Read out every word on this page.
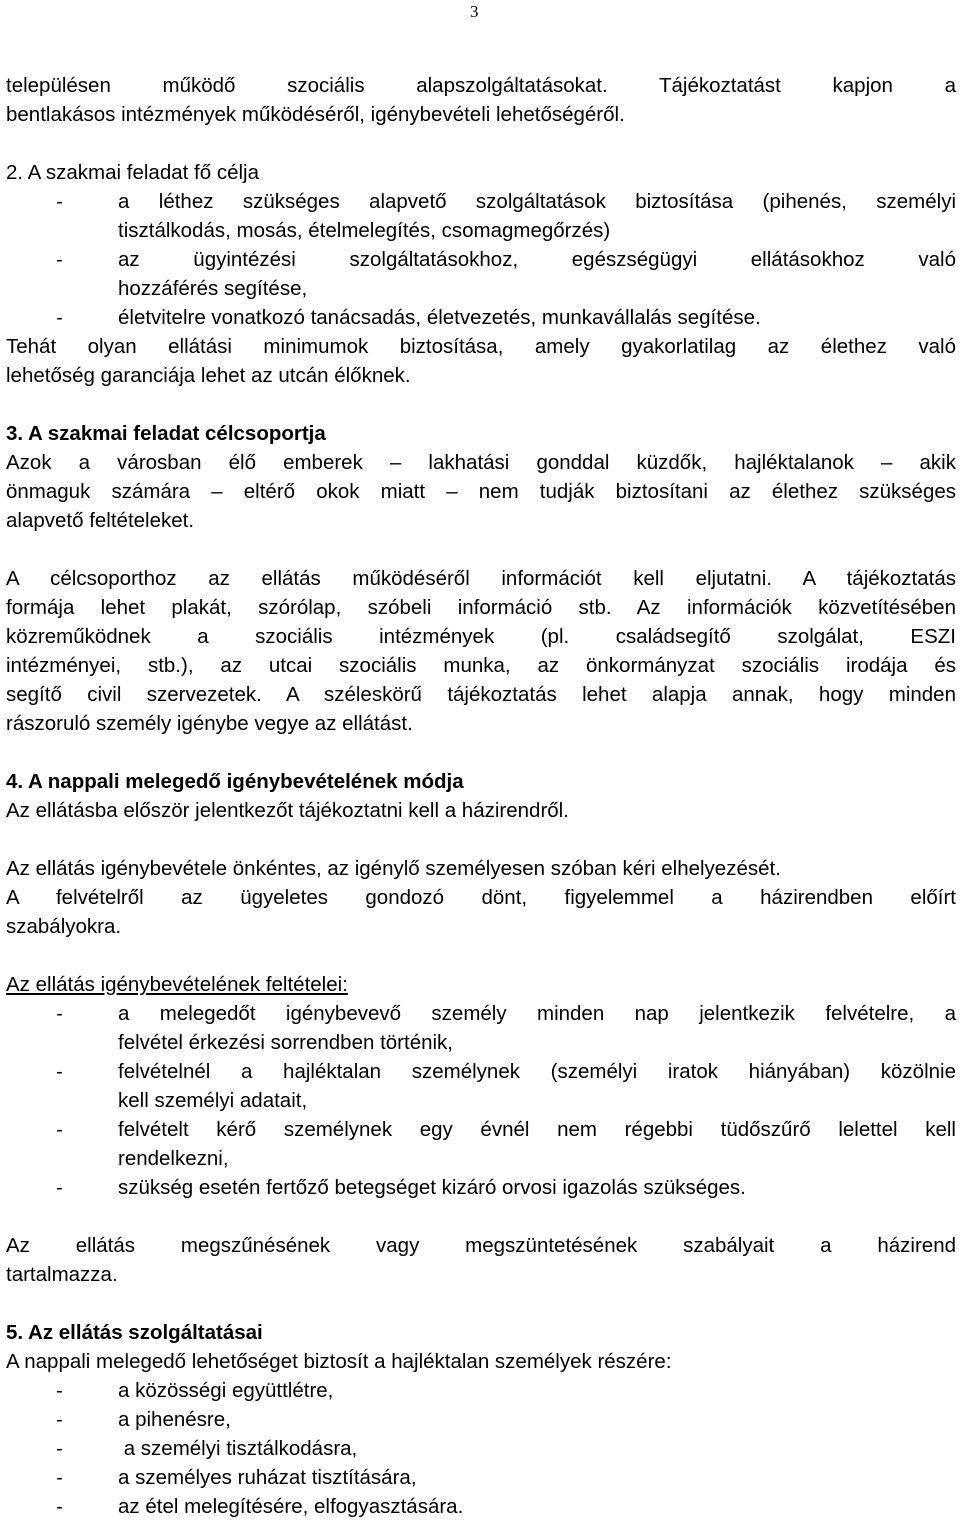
3
településen működő szociális alapszolgáltatásokat. Tájékoztatást kapjon a
bentlakásos intézmények működéséről, igénybevételi lehetőségéről.
2. A szakmai feladat fő célja
-	a léthez szükséges alapvető szolgáltatások biztosítása (pihenés, személyi
tisztálkodás, mosás, ételmelegítés, csomagmegőrzés)
-	az ügyintézési szolgáltatásokhoz, egészségügyi ellátásokhoz való
hozzáférés segítése,
-	életvitelre vonatkozó tanácsadás, életvezetés, munkavállalás segítése.
Tehát olyan ellátási minimumok biztosítása, amely gyakorlatilag az élethez való
lehetőség garanciája lehet az utcán élőknek.
3. A szakmai feladat célcsoportja
Azok a városban élő emberek – lakhatási gonddal küzdők, hajléktalanok – akik
önmaguk számára – eltérő okok miatt – nem tudják biztosítani az élethez szükséges
alapvető feltételeket.
A célcsoporthoz az ellátás működéséről információt kell eljutatni. A tájékoztatás
formája lehet plakát, szórólap, szóbeli információ stb. Az információk közvetítésében
közreműködnek a szociális intézmények (pl. családsegítő szolgálat, ESZI
intézményei, stb.), az utcai szociális munka, az önkormányzat szociális irodája és
segítő civil szervezetek. A széleskörű tájékoztatás lehet alapja annak, hogy minden
rászoruló személy igénybe vegye az ellátást.
4. A nappali melegedő igénybevételének módja
Az ellátásba először jelentkezőt tájékoztatni kell a házirendről.
Az ellátás igénybevétele önkéntes, az igénylő személyesen szóban kéri elhelyezését.
A felvételről az ügyeletes gondozó dönt, figyelemmel a házirendben előírt
szabályokra.
Az ellátás igénybevételének feltételei:
-	a melegedőt igénybevevő személy minden nap jelentkezik felvételre, a
felvétel érkezési sorrendben történik,
-	felvételnél a hajléktalan személynek (személyi iratok hiányában) közölnie
kell személyi adatait,
-	felvételt kérő személynek egy évnél nem régebbi tüdőszűrő lelettel kell
rendelkezni,
-	szükség esetén fertőző betegséget kizáró orvosi igazolás szükséges.
Az ellátás megszűnésének vagy megszüntetésének szabályait a házirend
tartalmazza.
5. Az ellátás szolgáltatásai
A nappali melegedő lehetőséget biztosít a hajléktalan személyek részére:
-	a közösségi együttlétre,
-	a pihenésre,
-	a személyi tisztálkodásra,
-	a személyes ruházat tisztítására,
-	az étel melegítésére, elfogyasztására.
